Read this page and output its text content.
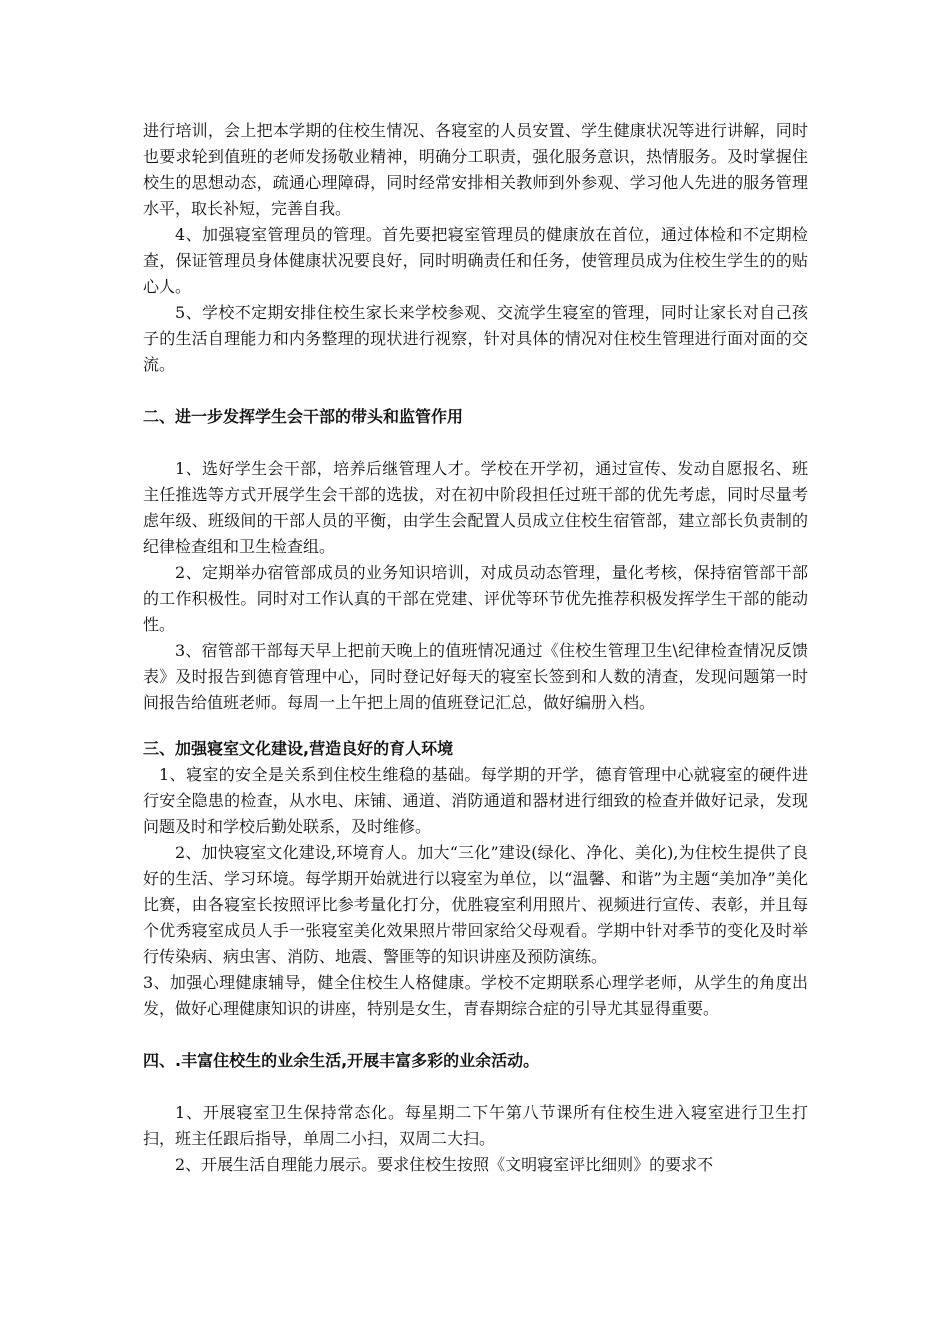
进行培训，会上把本学期的住校生情况、各寝室的人员安置、学生健康状况等进行讲解，同时也要求轮到值班的老师发扬敬业精神，明确分工职责，强化服务意识，热情服务。及时掌握住校生的思想动态，疏通心理障碍，同时经常安排相关教师到外参观、学习他人先进的服务管理水平，取长补短，完善自我。

4、加强寝室管理员的管理。首先要把寝室管理员的健康放在首位，通过体检和不定期检查，保证管理员身体健康状况要良好，同时明确责任和任务，使管理员成为住校生学生的的贴心人。

5、学校不定期安排住校生家长来学校参观、交流学生寝室的管理，同时让家长对自己孩子的生活自理能力和内务整理的现状进行视察，针对具体的情况对住校生管理进行面对面的交流。

二、进一步发挥学生会干部的带头和监管作用

1、选好学生会干部，培养后继管理人才。学校在开学初，通过宣传、发动自愿报名、班主任推选等方式开展学生会干部的选拔，对在初中阶段担任过班干部的优先考虑，同时尽量考虑年级、班级间的干部人员的平衡，由学生会配置人员成立住校生宿管部，建立部长负责制的纪律检查组和卫生检查组。

2、定期举办宿管部成员的业务知识培训，对成员动态管理，量化考核，保持宿管部干部的工作积极性。同时对工作认真的干部在党建、评优等环节优先推荐积极发挥学生干部的能动性。

3、宿管部干部每天早上把前天晚上的值班情况通过《住校生管理卫生\纪律检查情况反馈表》及时报告到德育管理中心，同时登记好每天的寝室长签到和人数的清查，发现问题第一时间报告给值班老师。每周一上午把上周的值班登记汇总，做好编册入档。

三、加强寝室文化建设,营造良好的育人环境

1、寝室的安全是关系到住校生维稳的基础。每学期的开学，德育管理中心就寝室的硬件进行安全隐患的检查，从水电、床铺、通道、消防通道和器材进行细致的检查并做好记录，发现问题及时和学校后勤处联系，及时维修。

2、加快寝室文化建设,环境育人。加大“三化”建设(绿化、净化、美化),为住校生提供了良好的生活、学习环境。每学期开始就进行以寝室为单位，以“温馨、和谐”为主题“美加净”美化比赛，由各寝室长按照评比参考量化打分，优胜寝室利用照片、视频进行宣传、表彰，并且每个优秀寝室成员人手一张寝室美化效果照片带回家给父母观看。学期中针对季节的变化及时举行传染病、病虫害、消防、地震、警匪等的知识讲座及预防演练。

3、加强心理健康辅导，健全住校生人格健康。学校不定期联系心理学老师，从学生的角度出发，做好心理健康知识的讲座，特别是女生，青春期综合症的引导尤其显得重要。

四、.丰富住校生的业余生活,开展丰富多彩的业余活动。

1、开展寝室卫生保持常态化。每星期二下午第八节课所有住校生进入寝室进行卫生打扫，班主任跟后指导，单周二小扫，双周二大扫。

2、开展生活自理能力展示。要求住校生按照《文明寝室评比细则》的要求不
